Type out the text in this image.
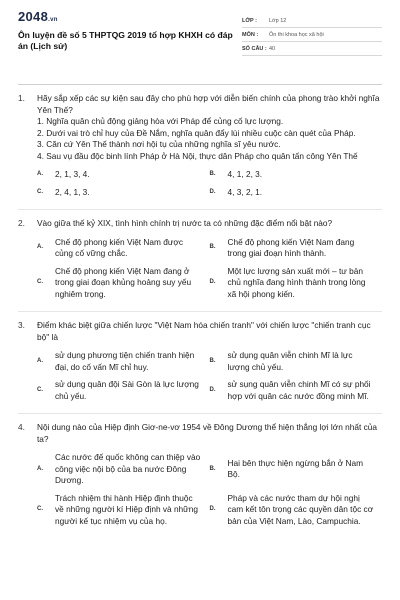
2048.vn
Ôn luyện đề số 5 THPTQG 2019 tổ hợp KHXH có đáp án (Lịch sử)
LỚP :	Lớp 12
MÔN :	Ôn thi khoa học xã hội
SỐ CÂU : 40
1.	Hãy sắp xếp các sự kiện sau đây cho phù hợp với diễn biến chính của phong trào khởi nghĩa Yên Thế?
1. Nghĩa quân chủ động giảng hòa với Pháp để củng cố lực lượng.
2. Dưới vai trò chỉ huy của Đề Nắm, nghĩa quân đẩy lùi nhiều cuộc càn quét của Pháp.
3. Căn cứ Yên Thế thành nơi hội tụ của những nghĩa sĩ yêu nước.
4. Sau vụ đầu độc binh lính Pháp ở Hà Nội, thực dân Pháp cho quân tấn công Yên Thế
A.	2, 1, 3, 4.	B.	4, 1, 2, 3.
C.	2, 4, 1, 3.	D.	4, 3, 2, 1.
2.	Vào giữa thế kỷ XIX, tình hình chính trị nước ta có những đặc điểm nổi bật nào?
A.
Chế độ phong kiến Việt Nam được củng cố vững chắc.
B.
Chế độ phong kiến Việt Nam đang trong giai đoạn hình thành.
C.
Chế độ phong kiến Việt Nam đang ở trong giai đoạn khủng hoảng suy yếu nghiêm trọng.
D.
Một lực lượng sản xuất mới – tư bản chủ nghĩa đang hình thành trong lòng xã hội phong kiến.
3.	Điểm khác biệt giữa chiến lược "Việt Nam hóa chiến tranh" với chiến lược "chiến tranh cục bộ" là
A.
sử dụng phương tiện chiến tranh hiện đại, do cố vấn Mĩ chỉ huy.
B.
sử dụng quân viễn chinh Mĩ là lực lượng chủ yếu.
C.
sử dụng quân đội Sài Gòn là lực lượng chủ yếu.
D.
sử sụng quân viễn chinh Mĩ có sự phối hợp với quân các nước đồng minh Mĩ.
4.	Nội dung nào của Hiệp định Giơ-ne-vơ 1954 về Đông Dương thể hiện thắng lợi lớn nhất của ta?
A.
Các nước đế quốc không can thiệp vào công việc nội bộ của ba nước Đông Dương.
B.
Hai bên thực hiện ngừng bắn ở Nam Bộ.
C.
Trách nhiệm thi hành Hiệp định thuộc về những người kí Hiệp định và những người kế tục nhiệm vụ của họ.
D.
Pháp và các nước tham dự hội nghị cam kết tôn trọng các quyền dân tộc cơ bản của Việt Nam, Lào, Campuchia.
